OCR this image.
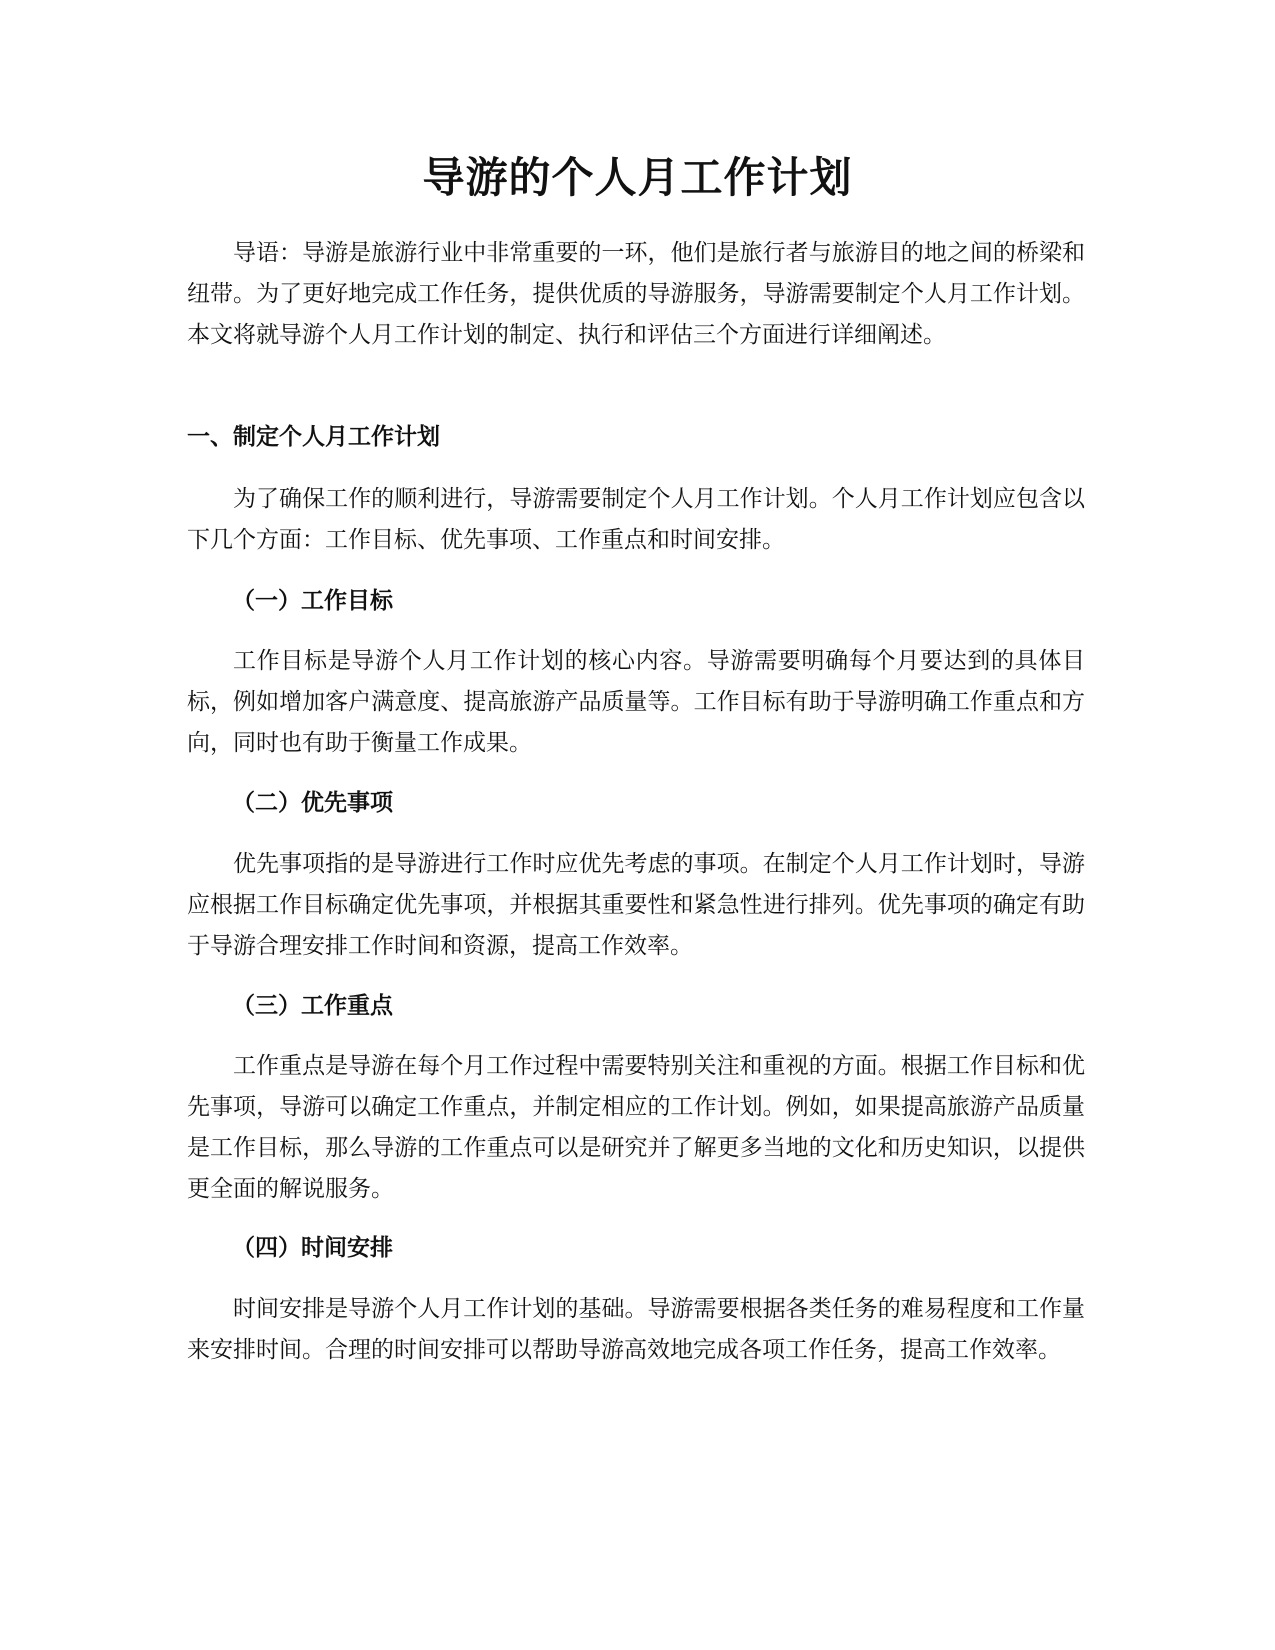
导游的个人月工作计划

导语：导游是旅游行业中非常重要的一环，他们是旅行者与旅游目的地之间的桥梁和纽带。为了更好地完成工作任务，提供优质的导游服务，导游需要制定个人月工作计划。本文将就导游个人月工作计划的制定、执行和评估三个方面进行详细阐述。

一、制定个人月工作计划

为了确保工作的顺利进行，导游需要制定个人月工作计划。个人月工作计划应包含以下几个方面：工作目标、优先事项、工作重点和时间安排。

（一）工作目标

工作目标是导游个人月工作计划的核心内容。导游需要明确每个月要达到的具体目标，例如增加客户满意度、提高旅游产品质量等。工作目标有助于导游明确工作重点和方向，同时也有助于衡量工作成果。

（二）优先事项

优先事项指的是导游进行工作时应优先考虑的事项。在制定个人月工作计划时，导游应根据工作目标确定优先事项，并根据其重要性和紧急性进行排列。优先事项的确定有助于导游合理安排工作时间和资源，提高工作效率。

（三）工作重点

工作重点是导游在每个月工作过程中需要特别关注和重视的方面。根据工作目标和优先事项，导游可以确定工作重点，并制定相应的工作计划。例如，如果提高旅游产品质量是工作目标，那么导游的工作重点可以是研究并了解更多当地的文化和历史知识，以提供更全面的解说服务。

（四）时间安排

时间安排是导游个人月工作计划的基础。导游需要根据各类任务的难易程度和工作量来安排时间。合理的时间安排可以帮助导游高效地完成各项工作任务，提高工作效率。
